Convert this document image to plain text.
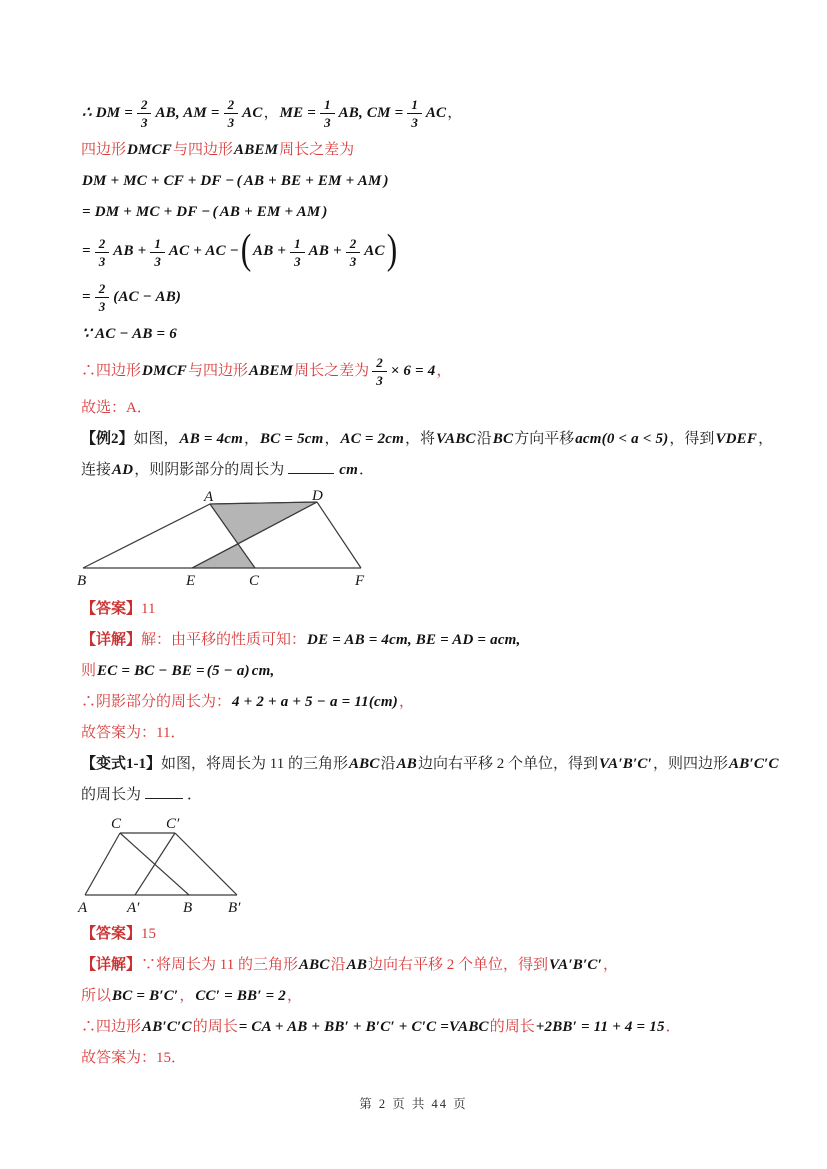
∴ DM = $\frac{2}{3}$ AB, AM = $\frac{2}{3}$ AC，ME = $\frac{1}{3}$ AB, CM = $\frac{1}{3}$ AC，
四边形DMCF与四边形ABEM周长之差为
DM + MC + CF + DF − ( AB + BE + EM + AM )
= DM + MC + DF − ( AB + EM + AM )
= $\frac{2}{3}$ AB + $\frac{1}{3}$ AC + AC −( AB + $\frac{1}{3}$ AB + $\frac{2}{3} AC$)
= $\frac{2}{3} (AC - AB)$
∵ AC − AB = 6
∴四边形DMCF与四边形ABEM周长之差为 $\frac{2}{3} \times 6 = 4$，
故选：A．
【例2】如图，AB = 4cm，BC = 5cm，AC = 2cm，将VABC沿BC方向平移acm(0 < a < 5)，得到VDEF，
连接AD，则阴影部分的周长为	cm．
A	D
B	E	C	F
【答案】11
【详解】解：由平移的性质可知：DE = AB = 4cm, BE = AD = acm,
则EC = BC − BE = (5 − a) cm,
∴阴影部分的周长为：4 + 2 + a + 5 − a = 11(cm)，
故答案为：11．
【变式1-1】如图，将周长为 11 的三角形ABC沿AB边向右平移 2 个单位，得到VA′B′C′，则四边形AB′C′C
的周长为	．
C	C′
A	A′	B B′
【答案】15
【详解】∵将周长为 11 的三角形ABC沿AB边向右平移 2 个单位，得到VA′B′C′，
所以BC = B′C′，CC′ = BB′ = 2，
∴四边形AB′C′C的周长= CA + AB + BB′ + B′C′ + C′C =VABC的周长+2BB′ = 11 + 4 = 15．
故答案为：15．
第 2 页 共 44 页
